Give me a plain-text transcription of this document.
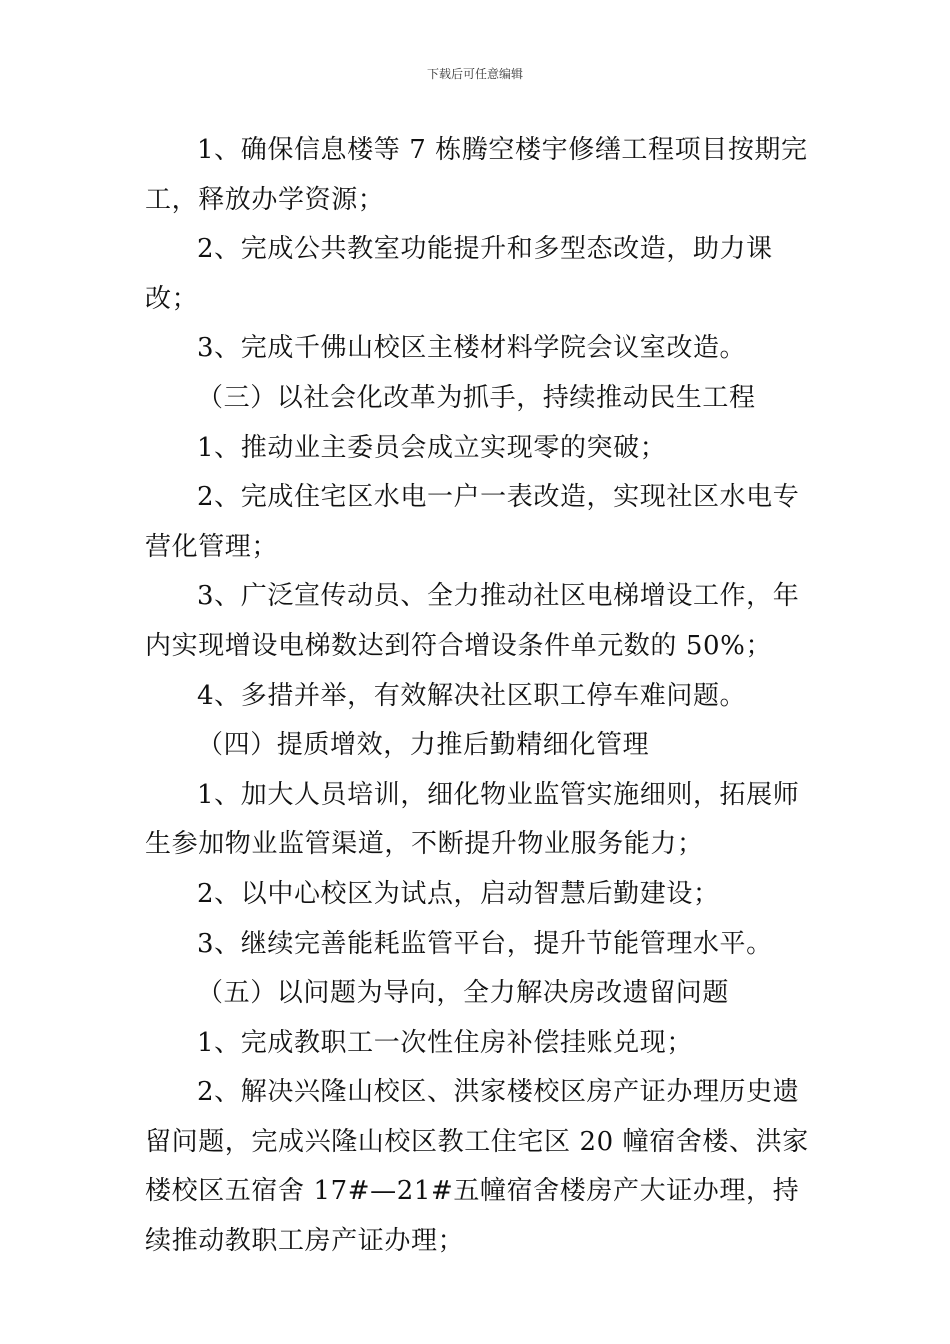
下载后可任意编辑

1、确保信息楼等 7 栋腾空楼宇修缮工程项目按期完工，释放办学资源；

2、完成公共教室功能提升和多型态改造，助力课改；

3、完成千佛山校区主楼材料学院会议室改造。

（三）以社会化改革为抓手，持续推动民生工程

1、推动业主委员会成立实现零的突破；

2、完成住宅区水电一户一表改造，实现社区水电专营化管理；

3、广泛宣传动员、全力推动社区电梯增设工作，年内实现增设电梯数达到符合增设条件单元数的 50%；

4、多措并举，有效解决社区职工停车难问题。

（四）提质增效，力推后勤精细化管理

1、加大人员培训，细化物业监管实施细则，拓展师生参加物业监管渠道，不断提升物业服务能力；

2、以中心校区为试点，启动智慧后勤建设；

3、继续完善能耗监管平台，提升节能管理水平。

（五）以问题为导向，全力解决房改遗留问题

1、完成教职工一次性住房补偿挂账兑现；

2、解决兴隆山校区、洪家楼校区房产证办理历史遗留问题，完成兴隆山校区教工住宅区 20 幢宿舍楼、洪家楼校区五宿舍 17#—21#五幢宿舍楼房产大证办理，持续推动教职工房产证办理；
